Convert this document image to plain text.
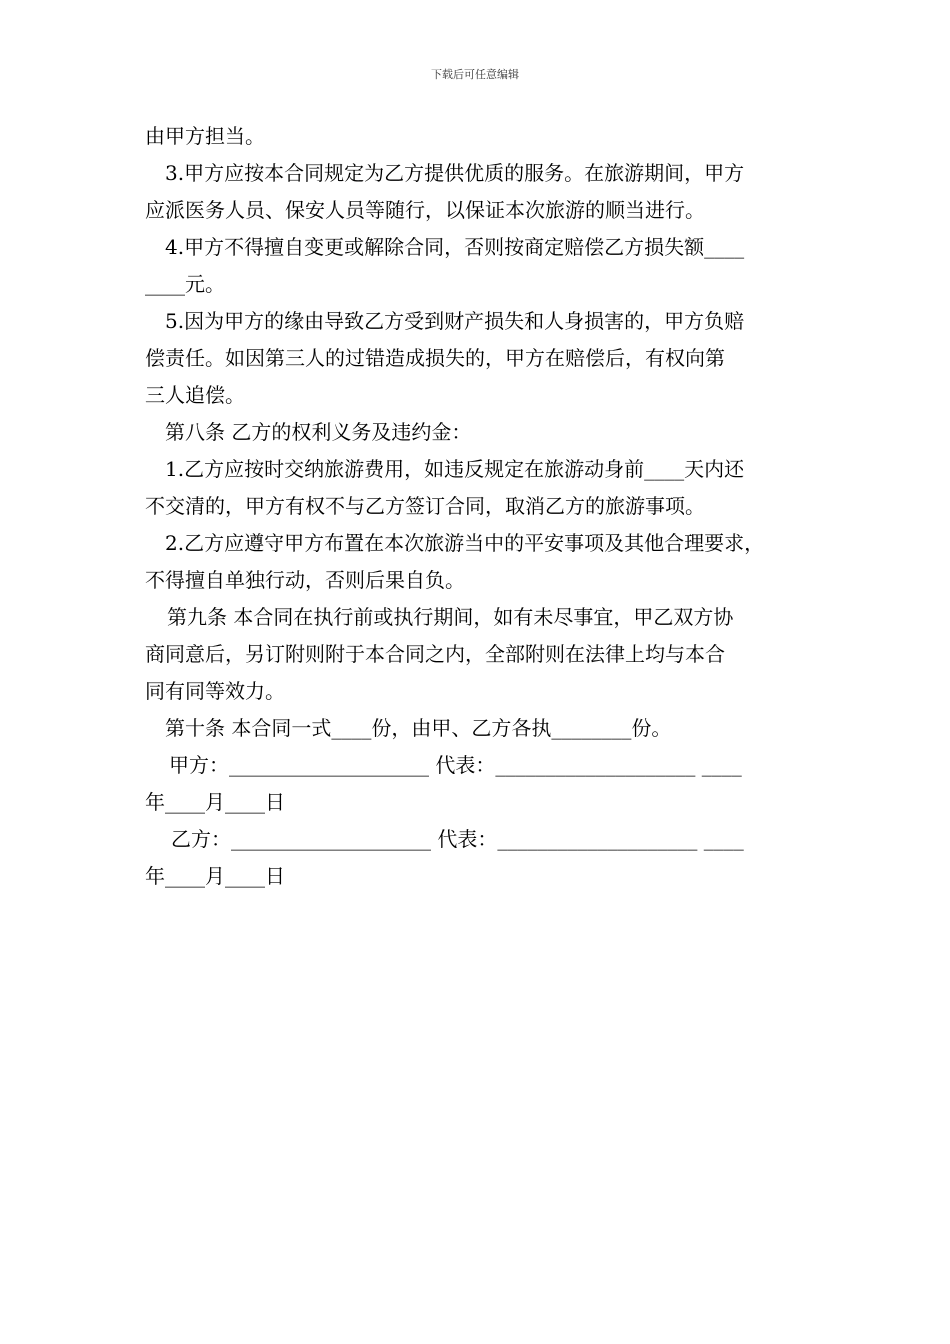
下载后可任意编辑
由甲方担当。
3.甲方应按本合同规定为乙方提供优质的服务。在旅游期间，甲方
应派医务人员、保安人员等随行，以保证本次旅游的顺当进行。
4.甲方不得擅自变更或解除合同，否则按商定赔偿乙方损失额____
____元。
5.因为甲方的缘由导致乙方受到财产损失和人身损害的，甲方负赔
偿责任。如因第三人的过错造成损失的，甲方在赔偿后，有权向第
三人追偿。
第八条 乙方的权利义务及违约金：
1.乙方应按时交纳旅游费用，如违反规定在旅游动身前____天内还
不交清的，甲方有权不与乙方签订合同，取消乙方的旅游事项。
2.乙方应遵守甲方布置在本次旅游当中的平安事项及其他合理要求，
不得擅自单独行动，否则后果自负。
第九条 本合同在执行前或执行期间，如有未尽事宜，甲乙双方协
商同意后，另订附则附于本合同之内，全部附则在法律上均与本合
同有同等效力。
第十条 本合同一式____份，由甲、乙方各执________份。
甲方：____________________ 代表：____________________ ____
年____月____日
乙方：____________________ 代表：____________________ ____
年____月____日
